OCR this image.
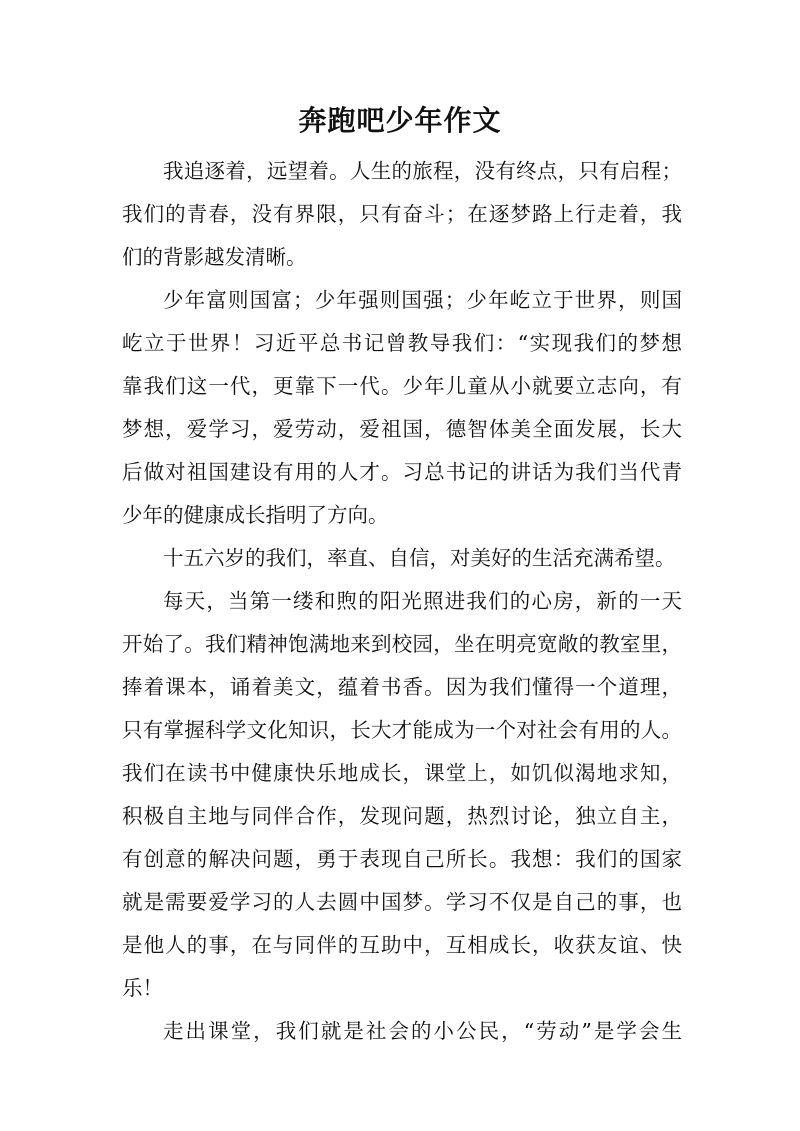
奔跑吧少年作文

我追逐着，远望着。人生的旅程，没有终点，只有启程；
我们的青春，没有界限，只有奋斗；在逐梦路上行走着，我
们的背影越发清晰。

少年富则国富；少年强则国强；少年屹立于世界，则国
屹立于世界！习近平总书记曾教导我们：“实现我们的梦想
靠我们这一代，更靠下一代。少年儿童从小就要立志向，有
梦想，爱学习，爱劳动，爱祖国，德智体美全面发展，长大
后做对祖国建设有用的人才。习总书记的讲话为我们当代青
少年的健康成长指明了方向。

十五六岁的我们，率直、自信，对美好的生活充满希望。

每天，当第一缕和煦的阳光照进我们的心房，新的一天
开始了。我们精神饱满地来到校园，坐在明亮宽敞的教室里，
捧着课本，诵着美文，蕴着书香。因为我们懂得一个道理，
只有掌握科学文化知识，长大才能成为一个对社会有用的人。
我们在读书中健康快乐地成长，课堂上，如饥似渴地求知，
积极自主地与同伴合作，发现问题，热烈讨论，独立自主，
有创意的解决问题，勇于表现自己所长。我想：我们的国家
就是需要爱学习的人去圆中国梦。学习不仅是自己的事，也
是他人的事，在与同伴的互助中，互相成长，收获友谊、快
乐！

走出课堂，我们就是社会的小公民，“劳动”是学会生
